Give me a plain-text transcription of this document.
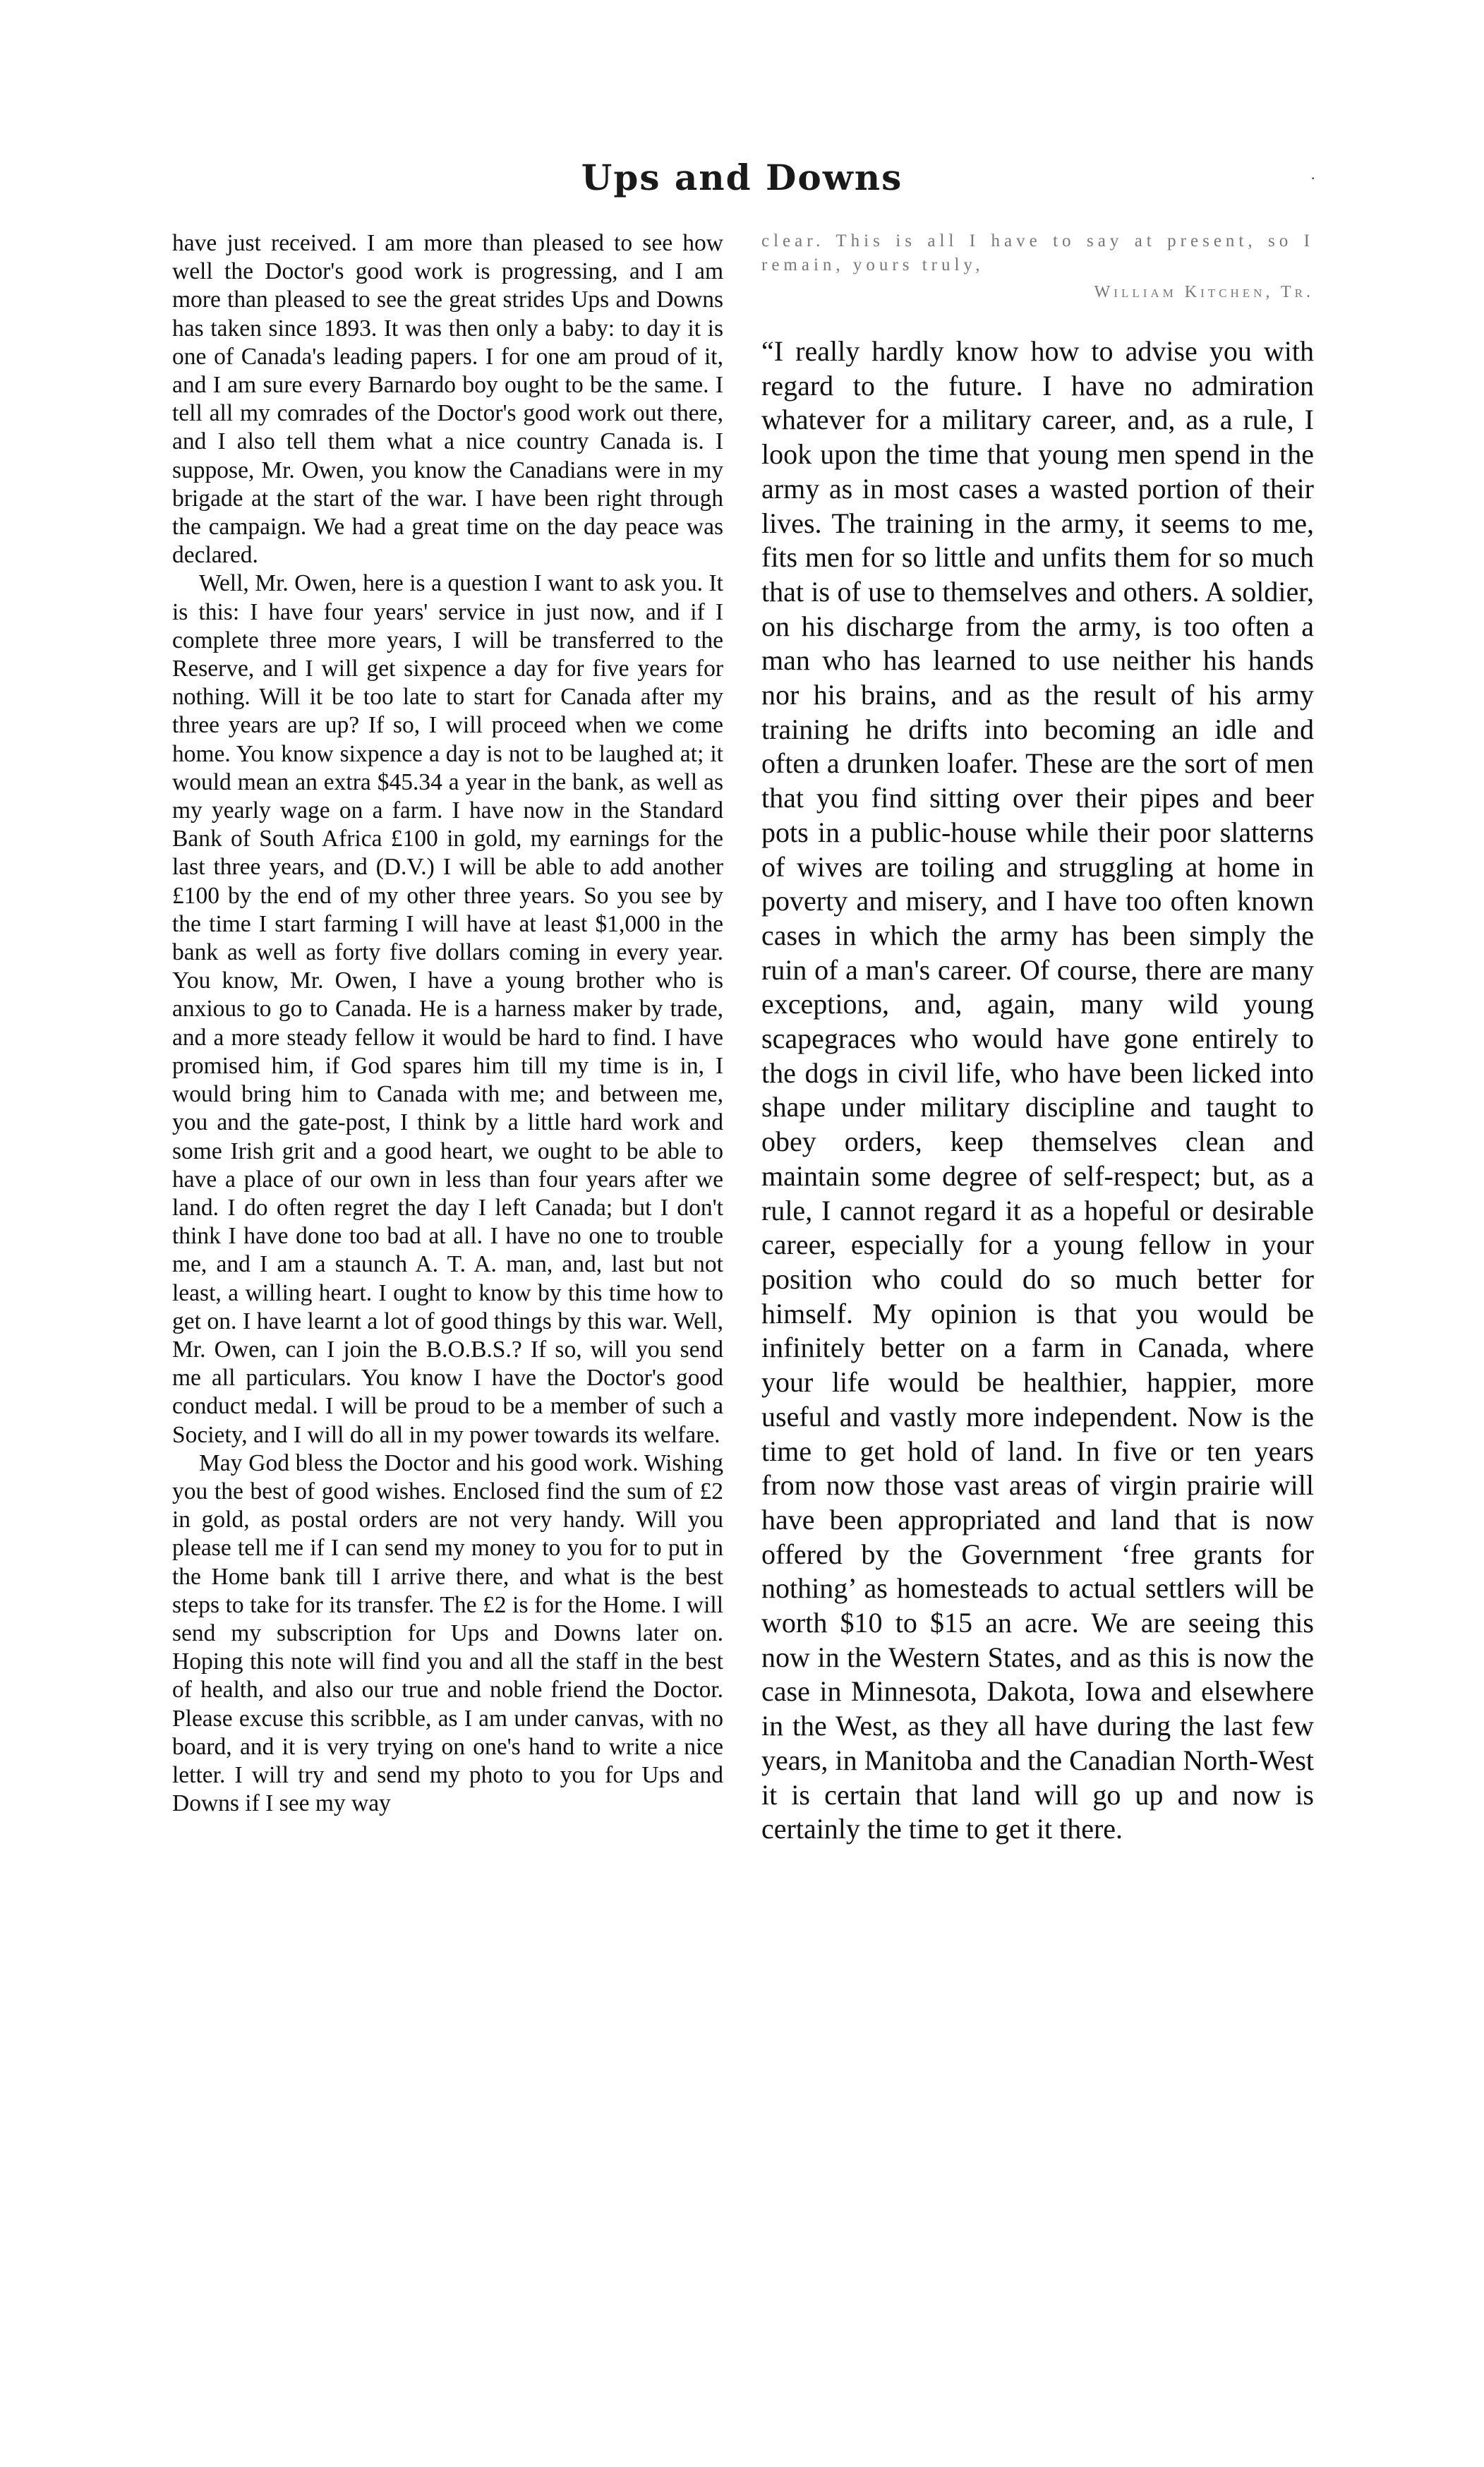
Ups and Downs	·

have just received. I am more than pleased to see how well the Doctor's good work is progressing, and I am more than pleased to see the great strides Ups and Downs has taken since 1893. It was then only a baby: to day it is one of Canada's leading papers. I for one am proud of it, and I am sure every Barnardo boy ought to be the same. I tell all my comrades of the Doctor's good work out there, and I also tell them what a nice country Canada is. I suppose, Mr. Owen, you know the Canadians were in my brigade at the start of the war. I have been right through the campaign. We had a great time on the day peace was declared.

Well, Mr. Owen, here is a question I want to ask you. It is this: I have four years' service in just now, and if I complete three more years, I will be transferred to the Reserve, and I will get sixpence a day for five years for nothing. Will it be too late to start for Canada after my three years are up? If so, I will proceed when we come home. You know sixpence a day is not to be laughed at; it would mean an extra $45.34 a year in the bank, as well as my yearly wage on a farm. I have now in the Standard Bank of South Africa £100 in gold, my earnings for the last three years, and (D.V.) I will be able to add another £100 by the end of my other three years. So you see by the time I start farming I will have at least $1,000 in the bank as well as forty five dollars coming in every year. You know, Mr. Owen, I have a young brother who is anxious to go to Canada. He is a harness maker by trade, and a more steady fellow it would be hard to find. I have promised him, if God spares him till my time is in, I would bring him to Canada with me; and between me, you and the gate-post, I think by a little hard work and some Irish grit and a good heart, we ought to be able to have a place of our own in less than four years after we land. I do often regret the day I left Canada; but I don't think I have done too bad at all. I have no one to trouble me, and I am a staunch A. T. A. man, and, last but not least, a willing heart. I ought to know by this time how to get on. I have learnt a lot of good things by this war. Well, Mr. Owen, can I join the B.O.B.S.? If so, will you send me all particulars. You know I have the Doctor's good conduct medal. I will be proud to be a member of such a Society, and I will do all in my power towards its welfare.

May God bless the Doctor and his good work. Wishing you the best of good wishes. Enclosed find the sum of £2 in gold, as postal orders are not very handy. Will you please tell me if I can send my money to you for to put in the Home bank till I arrive there, and what is the best steps to take for its transfer. The £2 is for the Home. I will send my subscription for Ups and Downs later on. Hoping this note will find you and all the staff in the best of health, and also our true and noble friend the Doctor. Please excuse this scribble, as I am under canvas, with no board, and it is very trying on one's hand to write a nice letter. I will try and send my photo to you for Ups and Downs if I see my way

clear. This is all I have to say at present, so I remain, yours truly,

William Kitchen, Tr.

“I really hardly know how to advise you with regard to the future. I have no admiration whatever for a military career, and, as a rule, I look upon the time that young men spend in the army as in most cases a wasted portion of their lives. The training in the army, it seems to me, fits men for so little and unfits them for so much that is of use to themselves and others. A soldier, on his discharge from the army, is too often a man who has learned to use neither his hands nor his brains, and as the result of his army training he drifts into becoming an idle and often a drunken loafer. These are the sort of men that you find sitting over their pipes and beer pots in a public-house while their poor slatterns of wives are toiling and struggling at home in poverty and misery, and I have too often known cases in which the army has been simply the ruin of a man's career. Of course, there are many exceptions, and, again, many wild young scapegraces who would have gone entirely to the dogs in civil life, who have been licked into shape under military discipline and taught to obey orders, keep themselves clean and maintain some degree of self-respect; but, as a rule, I cannot regard it as a hopeful or desirable career, especially for a young fellow in your position who could do so much better for himself. My opinion is that you would be infinitely better on a farm in Canada, where your life would be healthier, happier, more useful and vastly more independent. Now is the time to get hold of land. In five or ten years from now those vast areas of virgin prairie will have been appropriated and land that is now offered by the Government ‘free grants for nothing’ as homesteads to actual settlers will be worth $10 to $15 an acre. We are seeing this now in the Western States, and as this is now the case in Minnesota, Dakota, Iowa and elsewhere in the West, as they all have during the last few years, in Manitoba and the Canadian North-West it is certain that land will go up and now is certainly the time to get it there.
